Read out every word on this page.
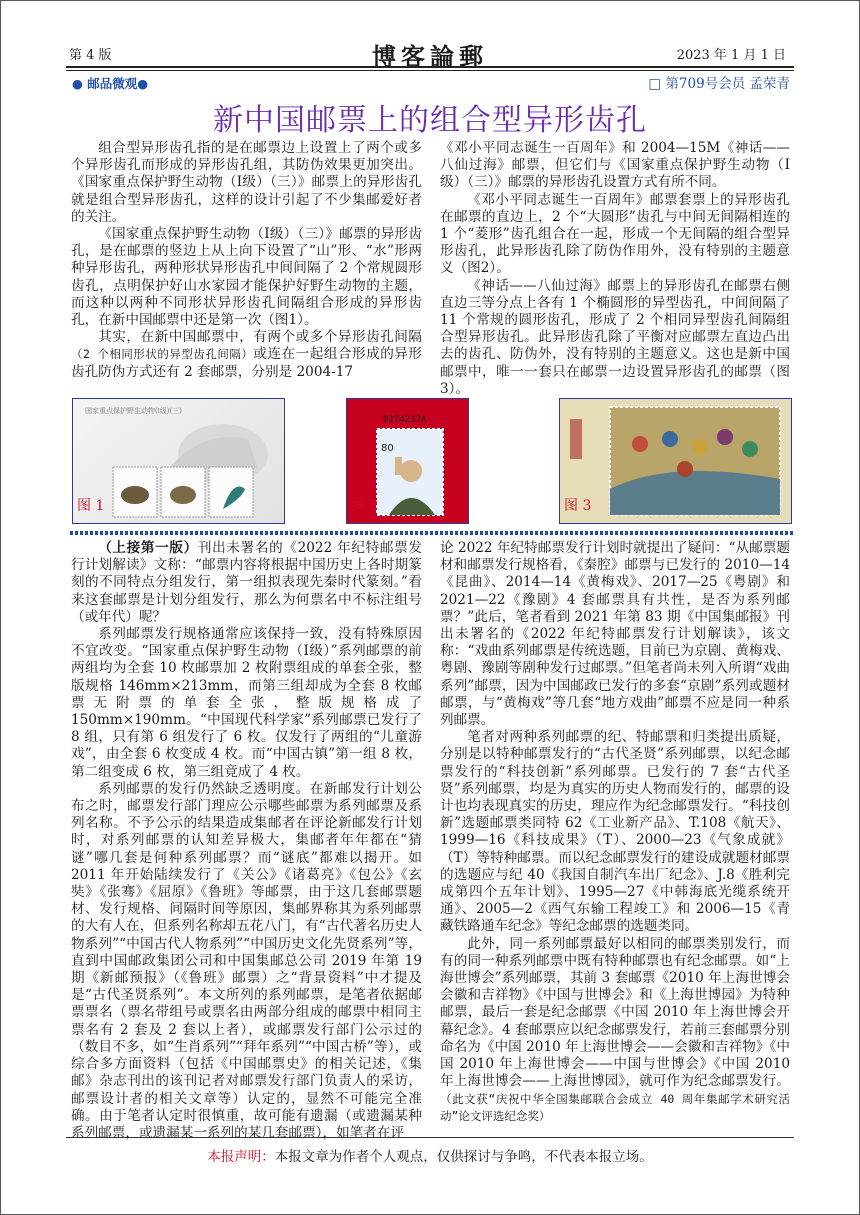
第 4 版	博客論郵	2023 年 1 月 1 日
● 邮品微观●	□ 第709号会员 孟荣青
新中国邮票上的组合型异形齿孔

组合型异形齿孔指的是在邮票边上设置上了两个或多个异形齿孔而形成的异形齿孔组，其防伪效果更加突出。《国家重点保护野生动物（Ⅰ级）（三）》邮票上的异形齿孔就是组合型异形齿孔，这样的设计引起了不少集邮爱好者的关注。

《国家重点保护野生动物（Ⅰ级）（三）》邮票的异形齿孔，是在邮票的竖边上从上向下设置了“山”形、“水”形两种异形齿孔，两种形状异形齿孔中间间隔了 2 个常规圆形齿孔，点明保护好山水家园才能保护好野生动物的主题，而这种以两种不同形状异形齿孔间隔组合形成的异形齿孔，在新中国邮票中还是第一次（图1）。

其实，在新中国邮票中，有两个或多个异形齿孔间隔（2 个相同形状的异型齿孔间隔）或连在一起组合形成的异形齿孔防伪方式还有 2 套邮票，分别是 2004-17

《邓小平同志诞生一百周年》和 2004—15M《神话——八仙过海》邮票，但它们与《国家重点保护野生动物（Ⅰ级）（三）》邮票的异形齿孔设置方式有所不同。

《邓小平同志诞生一百周年》邮票套票上的异形齿孔在邮票的直边上，2 个“大圆形”齿孔与中间无间隔相连的 1 个“菱形”齿孔组合在一起，形成一个无间隔的组合型异形齿孔，此异形齿孔除了防伪作用外，没有特别的主题意义（图2）。

《神话——八仙过海》邮票上的异形齿孔在邮票右侧直边三等分点上各有 1 个椭圆形的异型齿孔，中间间隔了 11 个常规的圆形齿孔，形成了 2 个相同异型齿孔间隔组合型异形齿孔。此异形齿孔除了平衡对应邮票左直边凸出去的齿孔、防伪外，没有特别的主题意义。这也是新中国邮票中，唯一一套只在邮票一边设置异形齿孔的邮票（图 3）。

国家重点保护野生动物(Ⅰ级)(三)
图 1
0274237A
80
图 2	图 3

（上接第一版）刊出未署名的《2022 年纪特邮票发行计划解读》文称：“邮票内容将根据中国历史上各时期篆刻的不同特点分组发行，第一组拟表现先秦时代篆刻。”看来这套邮票是计划分组发行，那么为何票名中不标注组号（或年代）呢？

系列邮票发行规格通常应该保持一致，没有特殊原因不宜改变。“国家重点保护野生动物（Ⅰ级）”系列邮票的前两组均为全套 10 枚邮票加 2 枚附票组成的单套全张，整版规格 146mm×213mm，而第三组却成为全套 8 枚邮票无附票的单套全张，整版规格成了150mm×190mm。“中国现代科学家”系列邮票已发行了 8 组，只有第 6 组发行了 6 枚。仅发行了两组的“儿童游戏”，由全套 6 枚变成 4 枚。而“中国古镇”第一组 8 枚，第二组变成 6 枚，第三组竟成了 4 枚。

系列邮票的发行仍然缺乏透明度。在新邮发行计划公布之时，邮票发行部门理应公示哪些邮票为系列邮票及系列名称。不予公示的结果造成集邮者在评论新邮发行计划时，对系列邮票的认知差异极大，集邮者年年都在“猜谜”哪几套是何种系列邮票？而“谜底”都难以揭开。如 2011 年开始陆续发行了《关公》《诸葛亮》《包公》《玄奘》《张骞》《屈原》《鲁班》等邮票，由于这几套邮票题材、发行规格、间隔时间等原因，集邮界称其为系列邮票的大有人在，但系列名称却五花八门，有“古代著名历史人物系列”“中国古代人物系列”“中国历史文化先贤系列”等，直到中国邮政集团公司和中国集邮总公司 2019 年第 19 期《新邮预报》（《鲁班》邮票）之“背景资料”中才提及是“古代圣贤系列”。本文所列的系列邮票，是笔者依据邮票票名（票名带组号或票名由两部分组成的邮票中相同主票名有 2 套及 2 套以上者），或邮票发行部门公示过的（数目不多，如“生肖系列”“拜年系列”“中国古桥”等），或综合多方面资料（包括《中国邮票史》的相关记述，《集邮》杂志刊出的该刊记者对邮票发行部门负责人的采访，邮票设计者的相关文章等）认定的，显然不可能完全准确。由于笔者认定时很慎重，故可能有遗漏（或遗漏某种系列邮票，或遗漏某一系列的某几套邮票），如笔者在评

论 2022 年纪特邮票发行计划时就提出了疑问：“从邮票题材和邮票发行规格看，《秦腔》邮票与已发行的 2010—14《昆曲》、2014—14《黄梅戏》、2017—25《粤剧》和 2021—22《豫剧》4 套邮票具有共性，是否为系列邮票？”此后，笔者看到 2021 年第 83 期《中国集邮报》刊出未署名的《2022 年纪特邮票发行计划解读》，该文称：“戏曲系列邮票是传统选题，目前已为京剧、黄梅戏、粤剧、豫剧等剧种发行过邮票。”但笔者尚未列入所谓“戏曲系列”邮票，因为中国邮政已发行的多套“京剧”系列或题材邮票，与“黄梅戏”等几套“地方戏曲”邮票不应是同一种系列邮票。

笔者对两种系列邮票的纪、特邮票和归类提出质疑，分别是以特种邮票发行的“古代圣贤”系列邮票，以纪念邮票发行的“科技创新”系列邮票。已发行的 7 套“古代圣贤”系列邮票，均是为真实的历史人物而发行的，邮票的设计也均表现真实的历史，理应作为纪念邮票发行。“科技创新”选题邮票类同特 62《工业新产品》、T.108《航天》、1999—16《科技成果》（T）、2000—23《气象成就》（T）等特种邮票。而以纪念邮票发行的建设成就题材邮票的选题应与纪 40《我国自制汽车出厂纪念》、J.8《胜利完成第四个五年计划》、1995—27《中韩海底光缆系统开通》、2005—2《西气东输工程竣工》和 2006—15《青藏铁路通车纪念》等纪念邮票的选题类同。

此外，同一系列邮票最好以相同的邮票类别发行，而有的同一种系列邮票中既有特种邮票也有纪念邮票。如“上海世博会”系列邮票，其前 3 套邮票《2010 年上海世博会会徽和吉祥物》《中国与世博会》和《上海世博园》为特种邮票，最后一套是纪念邮票《中国 2010 年上海世博会开幕纪念》。4 套邮票应以纪念邮票发行，若前三套邮票分别命名为《中国 2010 年上海世博会——会徽和吉祥物》《中国 2010 年上海世博会——中国与世博会》《中国 2010 年上海世博会——上海世博园》，就可作为纪念邮票发行。（此文获“庆祝中华全国集邮联合会成立 40 周年集邮学术研究活动”论文评选纪念奖）

本报声明：本报文章为作者个人观点，仅供探讨与争鸣，不代表本报立场。
